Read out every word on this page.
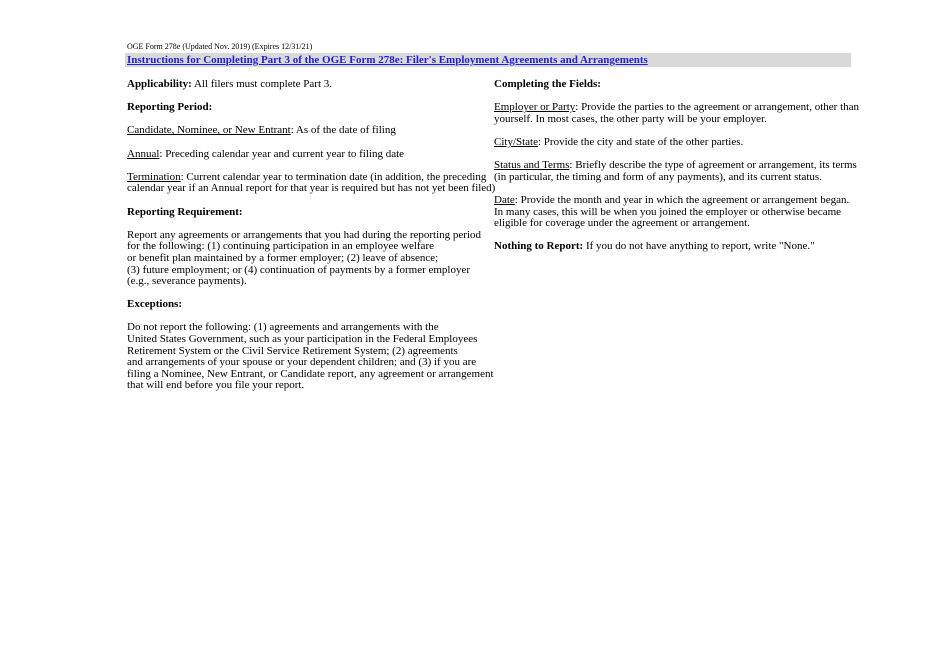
OGE Form 278e (Updated Nov. 2019) (Expires 12/31/21)
Instructions for Completing Part 3 of the OGE Form 278e: Filer's Employment Agreements and Arrangements

Applicability: All filers must complete Part 3.

Reporting Period:

Candidate, Nominee, or New Entrant: As of the date of filing

Annual: Preceding calendar year and current year to filing date

Termination: Current calendar year to termination date (in addition, the preceding
calendar year if an Annual report for that year is required but has not yet been filed)

Reporting Requirement:

Report any agreements or arrangements that you had during the reporting period
for the following: (1) continuing participation in an employee welfare
or benefit plan maintained by a former employer; (2) leave of absence;
(3) future employment; or (4) continuation of payments by a former employer
(e.g., severance payments).

Exceptions:

Do not report the following: (1) agreements and arrangements with the
United States Government, such as your participation in the Federal Employees
Retirement System or the Civil Service Retirement System; (2) agreements
and arrangements of your spouse or your dependent children; and (3) if you are
filing a Nominee, New Entrant, or Candidate report, any agreement or arrangement
that will end before you file your report.

Completing the Fields:

Employer or Party: Provide the parties to the agreement or arrangement, other than
yourself. In most cases, the other party will be your employer.

City/State: Provide the city and state of the other parties.

Status and Terms: Briefly describe the type of agreement or arrangement, its terms
(in particular, the timing and form of any payments), and its current status.

Date: Provide the month and year in which the agreement or arrangement began.
In many cases, this will be when you joined the employer or otherwise became
eligible for coverage under the agreement or arrangement.

Nothing to Report: If you do not have anything to report, write "None."
